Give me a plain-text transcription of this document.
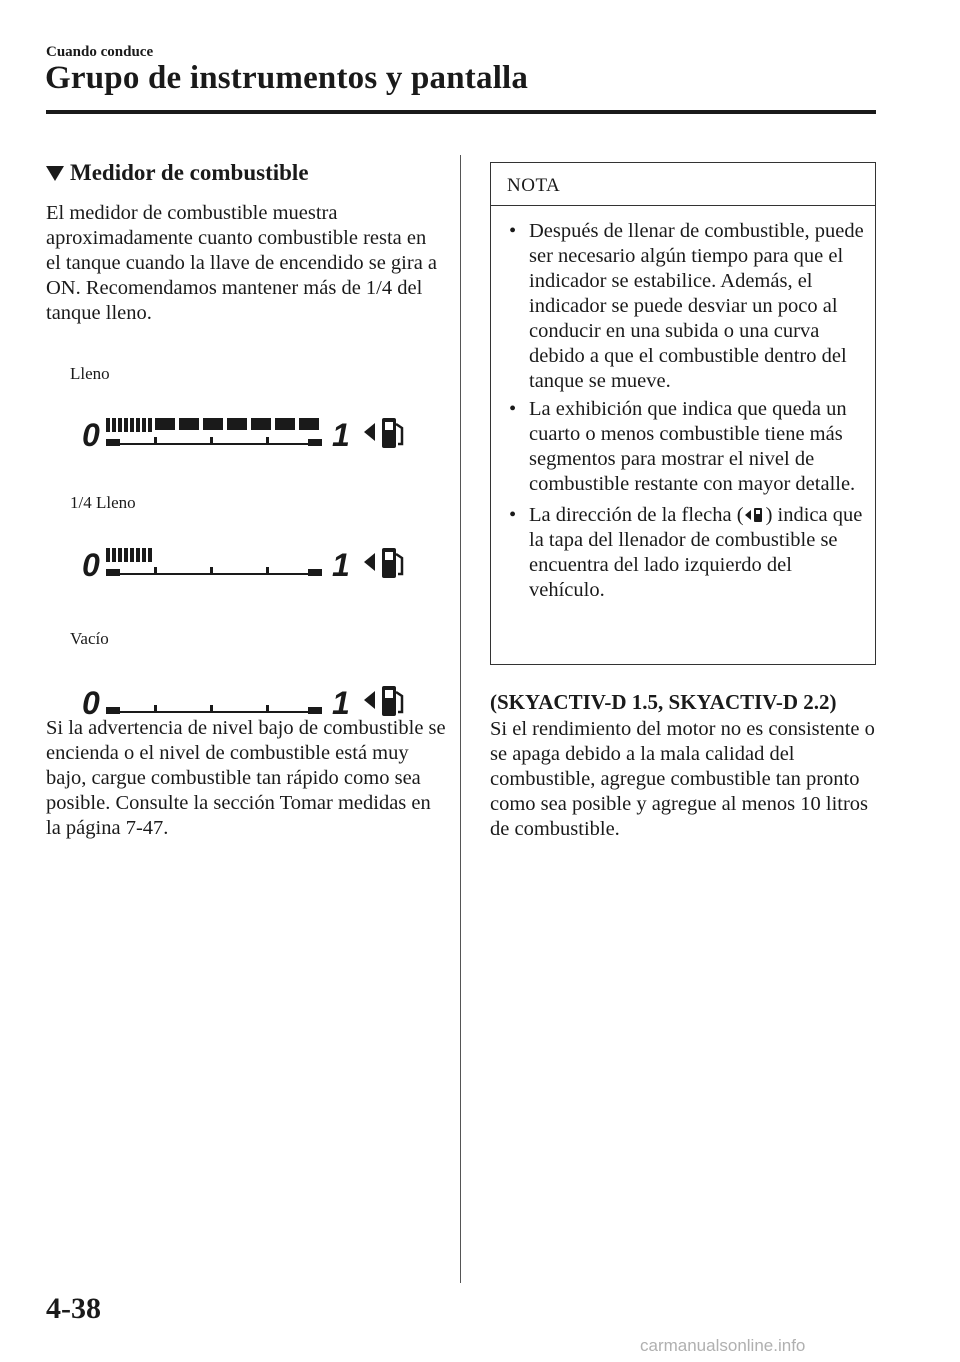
Cuando conduce
Grupo de instrumentos y pantalla
Medidor de combustible
El medidor de combustible muestra aproximadamente cuanto combustible resta en el tanque cuando la llave de encendido se gira a ON. Recomendamos mantener más de 1/4 del tanque lleno.
Lleno
0	1
1/4 Lleno
0	1
Vacío
0	1
Si la advertencia de nivel bajo de combustible se encienda o el nivel de combustible está muy bajo, cargue combustible tan rápido como sea posible. Consulte la sección Tomar medidas en la página 7-47.
NOTA
• Después de llenar de combustible, puede ser necesario algún tiempo para que el indicador se estabilice. Además, el indicador se puede desviar un poco al conducir en una subida o una curva debido a que el combustible dentro del tanque se mueve.
• La exhibición que indica que queda un cuarto o menos combustible tiene más segmentos para mostrar el nivel de combustible restante con mayor detalle.
• La dirección de la flecha ( ) indica que la tapa del llenador de combustible se encuentra del lado izquierdo del vehículo.
(SKYACTIV-D 1.5, SKYACTIV-D 2.2)
Si el rendimiento del motor no es consistente o se apaga debido a la mala calidad del combustible, agregue combustible tan pronto como sea posible y agregue al menos 10 litros de combustible.
4-38
carmanualsonline.info
